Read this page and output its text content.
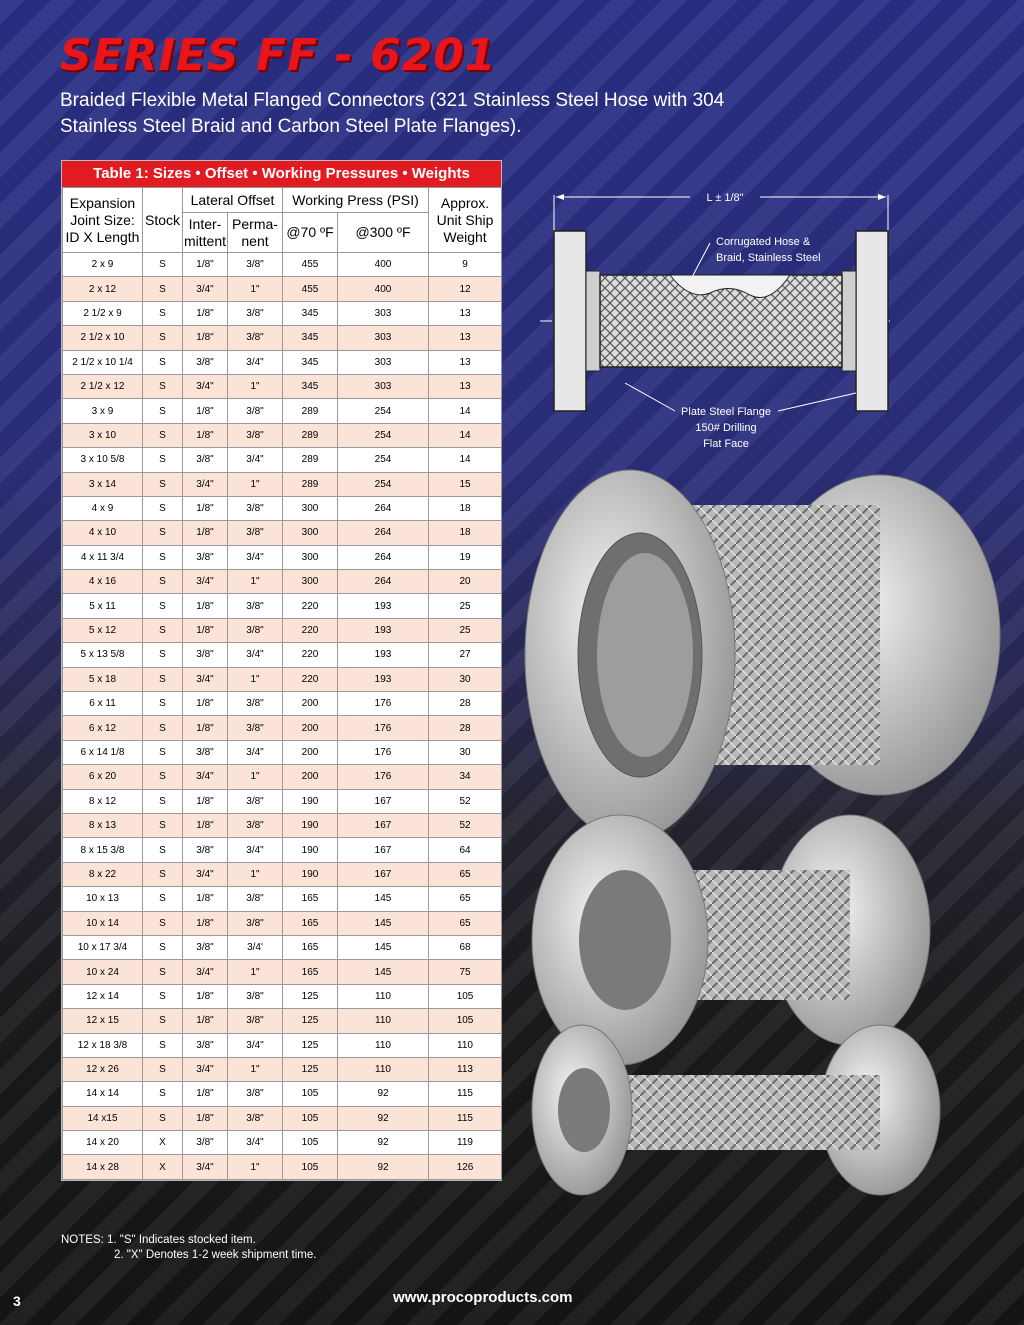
SERIES FF - 6201

Braided Flexible Metal Flanged Connectors (321 Stainless Steel Hose with 304 Stainless Steel Braid and Carbon Steel Plate Flanges).

Table 1: Sizes • Offset • Working Pressures • Weights
Expansion Joint Size: ID X Length	Stock	Lateral Offset		Working Press (PSI)		Approx. Unit Ship Weight
		Inter- mittent	Perma- nent	@70 ºF	@300 ºF	
2 x 9	S	1/8"	3/8"	455	400	9
2 x 12	S	3/4"	1"	455	400	12
2 1/2 x 9	S	1/8"	3/8"	345	303	13
2 1/2 x 10	S	1/8"	3/8"	345	303	13
2 1/2 x 10 1/4	S	3/8"	3/4"	345	303	13
2 1/2 x 12	S	3/4"	1"	345	303	13
3 x 9	S	1/8"	3/8"	289	254	14
3 x 10	S	1/8"	3/8"	289	254	14
3 x 10 5/8	S	3/8"	3/4"	289	254	14
3 x 14	S	3/4"	1"	289	254	15
4 x 9	S	1/8"	3/8"	300	264	18
4 x 10	S	1/8"	3/8"	300	264	18
4 x 11 3/4	S	3/8"	3/4"	300	264	19
4 x 16	S	3/4"	1"	300	264	20
5 x 11	S	1/8"	3/8"	220	193	25
5 x 12	S	1/8"	3/8"	220	193	25
5 x 13 5/8	S	3/8"	3/4"	220	193	27
5 x 18	S	3/4"	1"	220	193	30
6 x 11	S	1/8"	3/8"	200	176	28
6 x 12	S	1/8"	3/8"	200	176	28
6 x 14 1/8	S	3/8"	3/4"	200	176	30
6 x 20	S	3/4"	1"	200	176	34
8 x 12	S	1/8"	3/8"	190	167	52
8 x 13	S	1/8"	3/8"	190	167	52
8 x 15 3/8	S	3/8"	3/4"	190	167	64
8 x 22	S	3/4"	1"	190	167	65
10 x 13	S	1/8"	3/8"	165	145	65
10 x 14	S	1/8"	3/8"	165	145	65
10 x 17 3/4	S	3/8"	3/4'	165	145	68
10 x 24	S	3/4"	1"	165	145	75
12 x 14	S	1/8"	3/8"	125	110	105
12 x 15	S	1/8"	3/8"	125	110	105
12 x 18 3/8	S	3/8"	3/4"	125	110	110
12 x 26	S	3/4"	1"	125	110	113
14 x 14	S	1/8"	3/8"	105	92	115
14 x15	S	1/8"	3/8"	105	92	115
14 x 20	X	3/8"	3/4"	105	92	119
14 x 28	X	3/4"	1"	105	92	126
L ± 1/8"
Corrugated Hose &
Braid, Stainless Steel
Plate Steel Flange
150# Drilling
Flat Face
NOTES: 1. "S" Indicates stocked item.
2. "X" Denotes 1-2 week shipment time.
www.procoproducts.com
3
